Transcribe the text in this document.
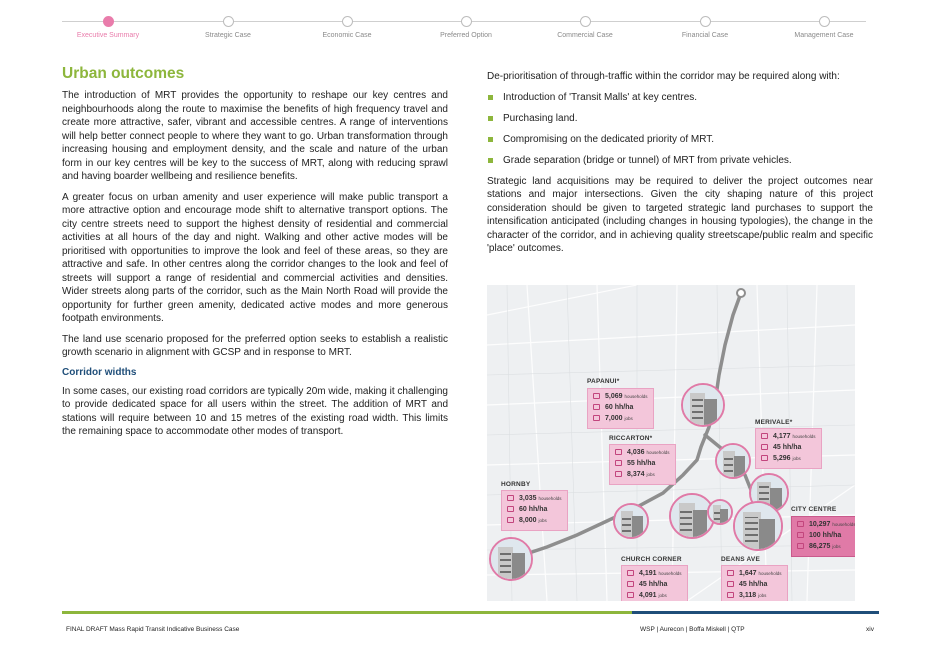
Executive Summary	Strategic Case	Economic Case	Preferred Option	Commercial Case	Financial Case	Management Case
Urban outcomes

The introduction of MRT provides the opportunity to reshape our key centres and neighbourhoods along the route to maximise the benefits of high frequency travel and create more attractive, safer, vibrant and accessible centres. A range of interventions will help better connect people to where they want to go. Urban transformation through increasing housing and employment density, and the scale and nature of the urban form in our key centres will be key to the success of MRT, along with reducing sprawl and having boarder wellbeing and resilience benefits.

A greater focus on urban amenity and user experience will make public transport a more attractive option and encourage mode shift to alternative transport options. The city centre streets need to support the highest density of residential and commercial activities at all hours of the day and night. Walking and other active modes will be prioritised with opportunities to improve the look and feel of these areas, so they are attractive and safe. In other centres along the corridor changes to the look and feel of streets will support a range of residential and commercial activities and densities. Wider streets along parts of the corridor, such as the Main North Road will provide the opportunity for further green amenity, dedicated active modes and more generous footpath environments.

The land use scenario proposed for the preferred option seeks to establish a realistic growth scenario in alignment with GCSP and in response to MRT.

Corridor widths

In some cases, our existing road corridors are typically 20m wide, making it challenging to provide dedicated space for all users within the street. The addition of MRT and stations will require between 10 and 15 metres of the existing road width. This limits the remaining space to accommodate other modes of transport.

De-prioritisation of through-traffic within the corridor may be required along with:

Introduction of 'Transit Malls' at key centres.
Purchasing land.
Compromising on the dedicated priority of MRT.
Grade separation (bridge or tunnel) of MRT from private vehicles.

Strategic land acquisitions may be required to deliver the project outcomes near stations and major intersections. Given the city shaping nature of this project consideration should be given to targeted strategic land purchases to support the intensification anticipated (including changes in housing typologies), the change in the character of the corridor, and in achieving quality streetscape/public realm and specific 'place' outcomes.

PAPANUI*
5,069 households
60 hh/ha
7,000 jobs
MERIVALE*
4,177 households
45 hh/ha
5,296 jobs
RICCARTON*
4,036 households
55 hh/ha
8,374 jobs
HORNBY
3,035 households
60 hh/ha
8,000 jobs
CITY CENTRE
10,297 households
100 hh/ha
86,275 jobs
CHURCH CORNER
4,191 households
45 hh/ha
4,091 jobs
DEANS AVE
1,647 households
45 hh/ha
3,118 jobs
FINAL DRAFT Mass Rapid Transit Indicative Business Case	WSP | Aurecon | Boffa Miskell | QTP	xiv
